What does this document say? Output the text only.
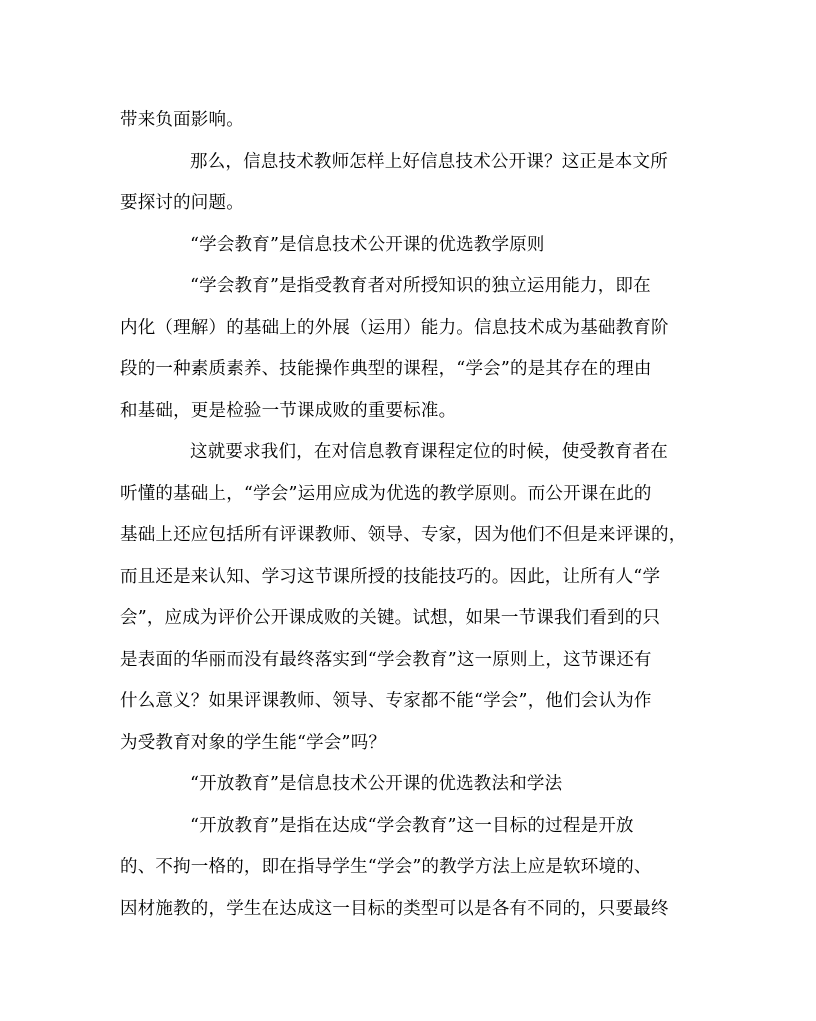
带来负面影响。
那么，信息技术教师怎样上好信息技术公开课？这正是本文所
要探讨的问题。
“学会教育”是信息技术公开课的优选教学原则
“学会教育”是指受教育者对所授知识的独立运用能力，即在
内化（理解）的基础上的外展（运用）能力。信息技术成为基础教育阶
段的一种素质素养、技能操作典型的课程，“学会”的是其存在的理由
和基础，更是检验一节课成败的重要标准。
这就要求我们，在对信息教育课程定位的时候，使受教育者在
听懂的基础上，“学会”运用应成为优选的教学原则。而公开课在此的
基础上还应包括所有评课教师、领导、专家，因为他们不但是来评课的，
而且还是来认知、学习这节课所授的技能技巧的。因此，让所有人“学
会”，应成为评价公开课成败的关键。试想，如果一节课我们看到的只
是表面的华丽而没有最终落实到“学会教育”这一原则上，这节课还有
什么意义？如果评课教师、领导、专家都不能“学会”，他们会认为作
为受教育对象的学生能“学会”吗？
“开放教育”是信息技术公开课的优选教法和学法
“开放教育”是指在达成“学会教育”这一目标的过程是开放
的、不拘一格的，即在指导学生“学会”的教学方法上应是软环境的、
因材施教的，学生在达成这一目标的类型可以是各有不同的，只要最终
